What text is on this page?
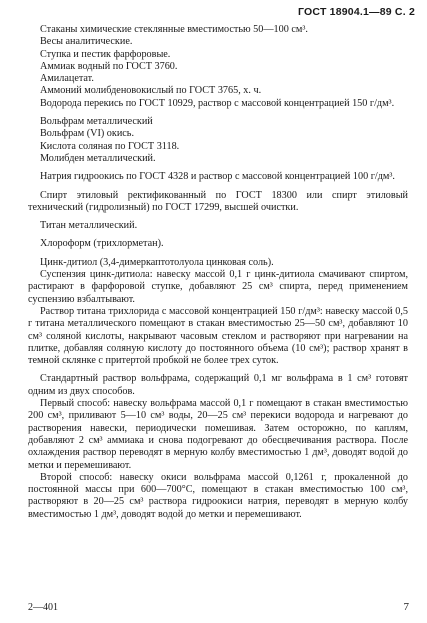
ГОСТ 18904.1—89 С. 2

Стаканы химические стеклянные вместимостью 50—100 см³.

Весы аналитические.

Ступка и пестик фарфоровые.

Аммиак водный по ГОСТ 3760.

Амилацетат.

Аммоний молибденовокислый по ГОСТ 3765, х. ч.

Водорода перекись по ГОСТ 10929, раствор с массовой концентрацией 150 г/дм³.

Вольфрам металлический

Вольфрам (VI) окись.

Кислота соляная по ГОСТ 3118.

Молибден металлический.

Натрия гидроокись по ГОСТ 4328 и раствор с массовой концентрацией 100 г/дм³.

Спирт этиловый ректификованный по ГОСТ 18300 или спирт этиловый технический (гидролизный) по ГОСТ 17299, высшей очистки.

Титан металлический.

Хлороформ (трихлорметан).

Цинк-дитиол (3,4-димеркаптотолуола цинковая соль).

Суспензия цинк-дитиола: навеску массой 0,1 г цинк-дитиола смачивают спиртом, растирают в фарфоровой ступке, добавляют 25 см³ спирта, перед применением суспензию взбалтывают.

Раствор титана трихлорида с массовой концентрацией 150 г/дм³: навеску массой 0,5 г титана металлического помещают в стакан вместимостью 25—50 см³, добавляют 10 см³ соляной кислоты, накрывают часовым стеклом и растворяют при нагревании на плитке, добавляя соляную кислоту до постоянного объема (10 см³); раствор хранят в темной склянке с притертой пробкой не более трех суток.

Стандартный раствор вольфрама, содержащий 0,1 мг вольфрама в 1 см³ готовят одним из двух способов.

Первый способ: навеску вольфрама массой 0,1 г помещают в стакан вместимостью 200 см³, приливают 5—10 см³ воды, 20—25 см³ перекиси водорода и нагревают до растворения навески, периодически помешивая. Затем осторожно, по каплям, добавляют 2 см³ аммиака и снова подогревают до обесцвечивания раствора. После охлаждения раствор переводят в мерную колбу вместимостью 1 дм³, доводят водой до метки и перемешивают.

Второй способ: навеску окиси вольфрама массой 0,1261 г, прокаленной до постоянной массы при 600—700°С, помещают в стакан вместимостью 100 см³, растворяют в 20—25 см³ раствора гидроокиси натрия, переводят в мерную колбу вместимостью 1 дм³, доводят водой до метки и перемешивают.

2—401	7
